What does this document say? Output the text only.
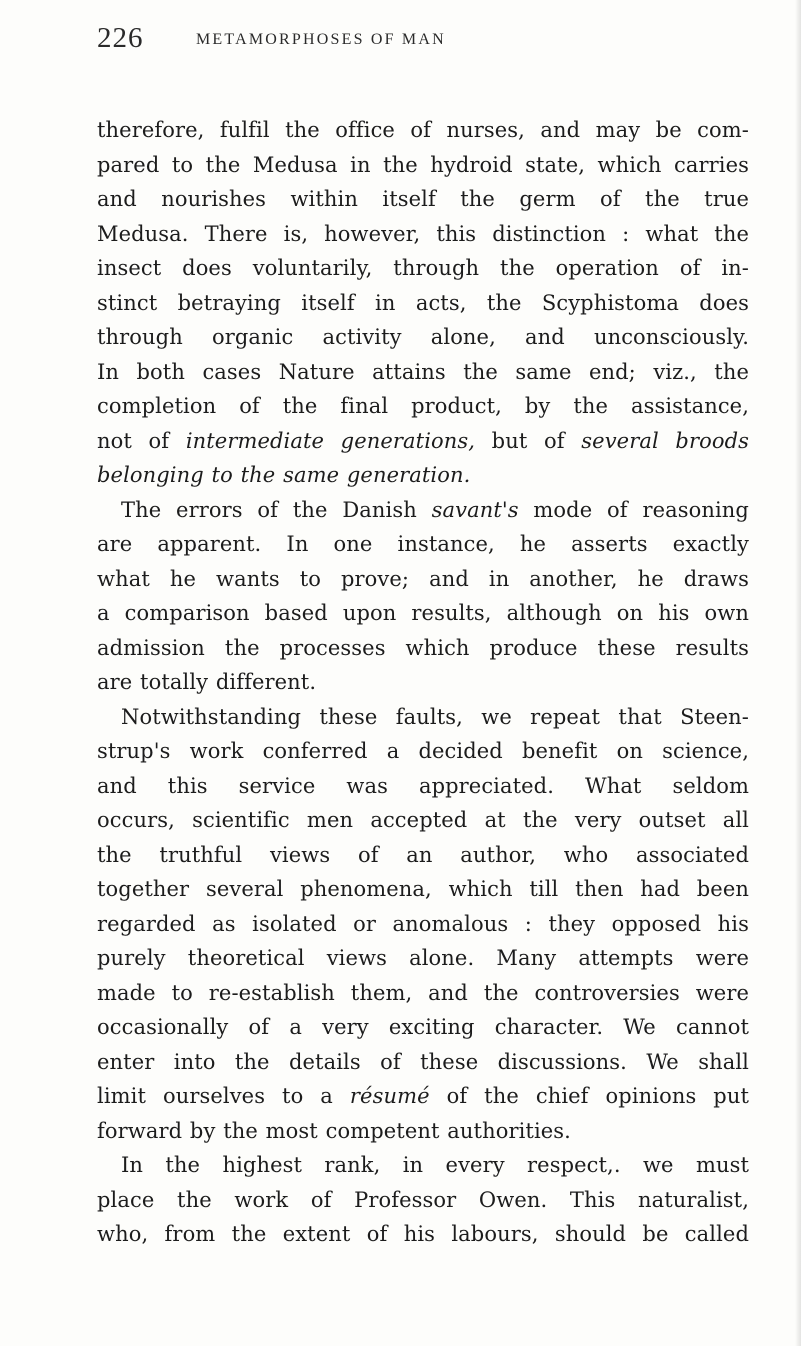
226	METAMORPHOSES OF MAN
therefore, fulfil the office of nurses, and may be com-
pared to the Medusa in the hydroid state, which carries
and nourishes within itself the germ of the true
Medusa. There is, however, this distinction : what the
insect does voluntarily, through the operation of in-
stinct betraying itself in acts, the Scyphistoma does
through organic activity alone, and unconsciously.
In both cases Nature attains the same end; viz., the
completion of the final product, by the assistance,
not of intermediate generations, but of several broods
belonging to the same generation.
The errors of the Danish savant's mode of reasoning
are apparent. In one instance, he asserts exactly
what he wants to prove; and in another, he draws
a comparison based upon results, although on his own
admission the processes which produce these results
are totally different.
Notwithstanding these faults, we repeat that Steen-
strup's work conferred a decided benefit on science,
and this service was appreciated. What seldom
occurs, scientific men accepted at the very outset all
the truthful views of an author, who associated
together several phenomena, which till then had been
regarded as isolated or anomalous : they opposed his
purely theoretical views alone. Many attempts were
made to re-establish them, and the controversies were
occasionally of a very exciting character. We cannot
enter into the details of these discussions. We shall
limit ourselves to a résumé of the chief opinions put
forward by the most competent authorities.
In the highest rank, in every respect,. we must
place the work of Professor Owen. This naturalist,
who, from the extent of his labours, should be called
